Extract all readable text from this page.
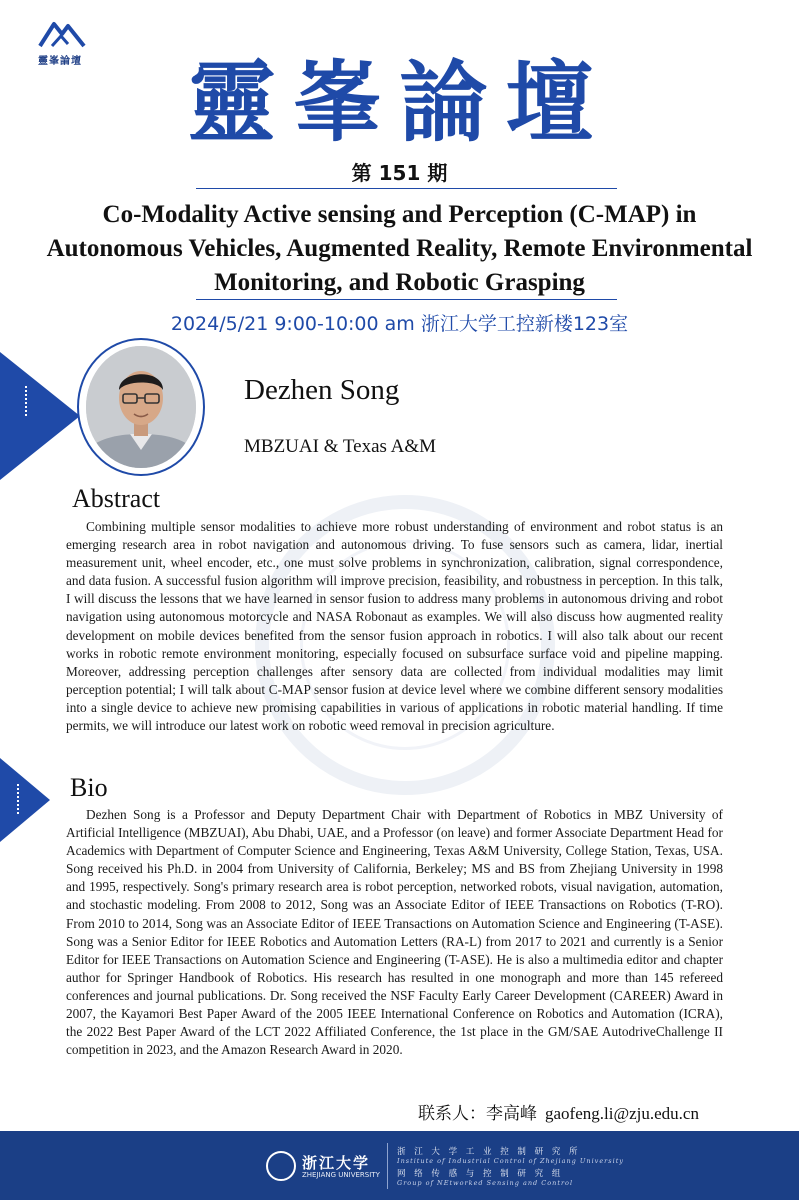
靈峯論壇	靈峯論壇
第 151 期
Co-Modality Active sensing and Perception (C-MAP) in Autonomous Vehicles, Augmented Reality, Remote Environmental Monitoring, and Robotic Grasping
2024/5/21 9:00-10:00 am 浙江大学工控新楼123室
Dezhen Song
MBZUAI & Texas A&M
Abstract
Combining multiple sensor modalities to achieve more robust understanding of environment and robot status is an emerging research area in robot navigation and autonomous driving. To fuse sensors such as camera, lidar, inertial measurement unit, wheel encoder, etc., one must solve problems in synchronization, calibration, signal correspondence, and data fusion. A successful fusion algorithm will improve precision, feasibility, and robustness in perception. In this talk, I will discuss the lessons that we have learned in sensor fusion to address many problems in autonomous driving and robot navigation using autonomous motorcycle and NASA Robonaut as examples. We will also discuss how augmented reality development on mobile devices benefited from the sensor fusion approach in robotics. I will also talk about our recent works in robotic remote environment monitoring, especially focused on subsurface surface void and pipeline mapping. Moreover, addressing perception challenges after sensory data are collected from individual modalities may limit perception potential; I will talk about C-MAP sensor fusion at device level where we combine different sensory modalities into a single device to achieve new promising capabilities in various of applications in robotic material handling. If time permits, we will introduce our latest work on robotic weed removal in precision agriculture.
Bio
Dezhen Song is a Professor and Deputy Department Chair with Department of Robotics in MBZ University of Artificial Intelligence (MBZUAI), Abu Dhabi, UAE, and a Professor (on leave) and former Associate Department Head for Academics with Department of Computer Science and Engineering, Texas A&M University, College Station, Texas, USA. Song received his Ph.D. in 2004 from University of California, Berkeley; MS and BS from Zhejiang University in 1998 and 1995, respectively. Song's primary research area is robot perception, networked robots, visual navigation, automation, and stochastic modeling. From 2008 to 2012, Song was an Associate Editor of IEEE Transactions on Robotics (T-RO). From 2010 to 2014, Song was an Associate Editor of IEEE Transactions on Automation Science and Engineering (T-ASE). Song was a Senior Editor for IEEE Robotics and Automation Letters (RA-L) from 2017 to 2021 and currently is a Senior Editor for IEEE Transactions on Automation Science and Engineering (T-ASE). He is also a multimedia editor and chapter author for Springer Handbook of Robotics. His research has resulted in one monograph and more than 145 refereed conferences and journal publications. Dr. Song received the NSF Faculty Early Career Development (CAREER) Award in 2007, the Kayamori Best Paper Award of the 2005 IEEE International Conference on Robotics and Automation (ICRA), the 2022 Best Paper Award of the LCT 2022 Affiliated Conference, the 1st place in the GM/SAE AutodriveChallenge II competition in 2023, and the Amazon Research Award in 2020.
联系人：李高峰 gaofeng.li@zju.edu.cn
浙江大学
ZHEJIANG UNIVERSITY
浙 江 大 学 工 业 控 制 研 究 所
Institute of Industrial Control of Zhejiang University
网 络 传 感 与 控 制 研 究 组
Group of NEtworked Sensing and Control
